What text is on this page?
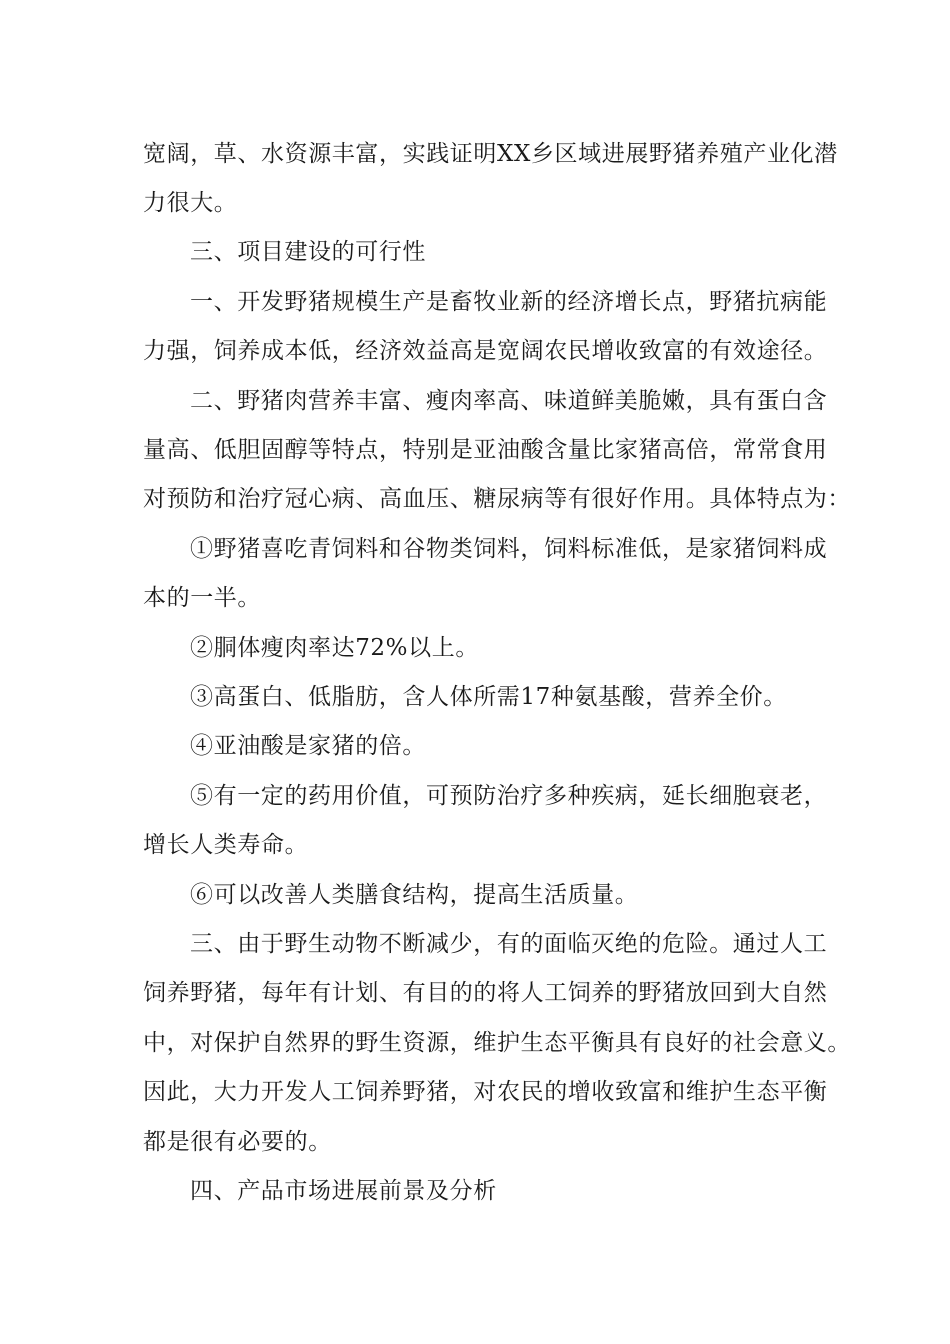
宽阔，草、水资源丰富，实践证明XX乡区域进展野猪养殖产业化潜
力很大。
三、项目建设的可行性
一、开发野猪规模生产是畜牧业新的经济增长点，野猪抗病能
力强，饲养成本低，经济效益高是宽阔农民增收致富的有效途径。
二、野猪肉营养丰富、瘦肉率高、味道鲜美脆嫩，具有蛋白含
量高、低胆固醇等特点，特别是亚油酸含量比家猪高倍，常常食用
对预防和治疗冠心病、高血压、糖尿病等有很好作用。具体特点为：
①野猪喜吃青饲料和谷物类饲料，饲料标准低，是家猪饲料成
本的一半。
②胴体瘦肉率达72%以上。
③高蛋白、低脂肪，含人体所需17种氨基酸，营养全价。
④亚油酸是家猪的倍。
⑤有一定的药用价值，可预防治疗多种疾病，延长细胞衰老，
增长人类寿命。
⑥可以改善人类膳食结构，提高生活质量。
三、由于野生动物不断减少，有的面临灭绝的危险。通过人工
饲养野猪，每年有计划、有目的的将人工饲养的野猪放回到大自然
中，对保护自然界的野生资源，维护生态平衡具有良好的社会意义。
因此，大力开发人工饲养野猪，对农民的增收致富和维护生态平衡
都是很有必要的。
四、产品市场进展前景及分析
